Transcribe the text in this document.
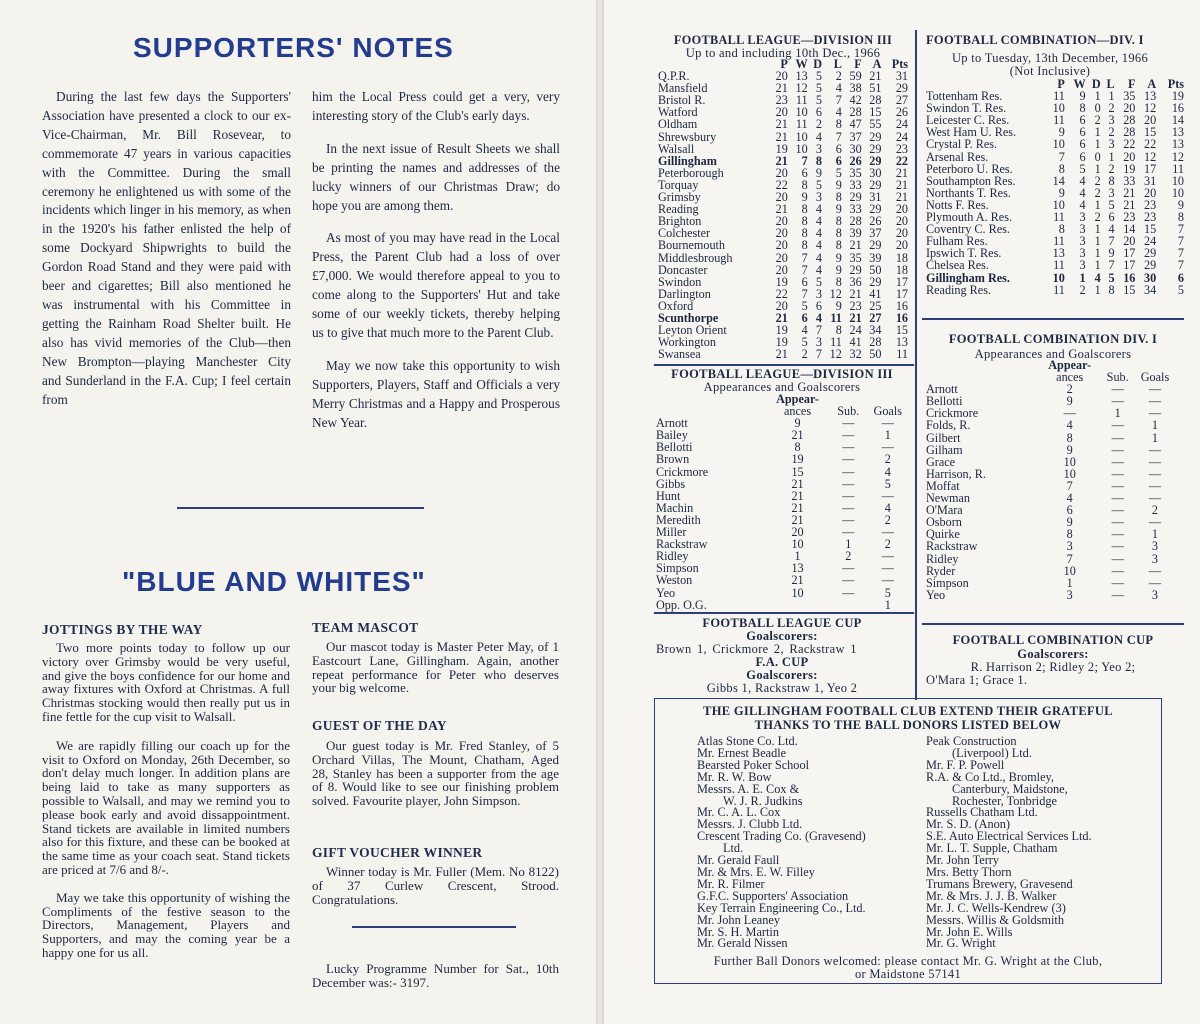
SUPPORTERS' NOTES

During the last few days the Supporters' Association have presented a clock to our ex-Vice-Chairman, Mr. Bill Rosevear, to commemorate 47 years in various capacities with the Committee. During the small ceremony he enlightened us with some of the incidents which linger in his memory, as when in the 1920's his father enlisted the help of some Dockyard Shipwrights to build the Gordon Road Stand and they were paid with beer and cigarettes; Bill also mentioned he was instrumental with his Committee in getting the Rainham Road Shelter built. He also has vivid memories of the Club—then New Brompton—playing Manchester City and Sunderland in the F.A. Cup; I feel certain from

him the Local Press could get a very, very interesting story of the Club's early days.

In the next issue of Result Sheets we shall be printing the names and addresses of the lucky winners of our Christmas Draw; do hope you are among them.

As most of you may have read in the Local Press, the Parent Club had a loss of over £7,000. We would therefore appeal to you to come along to the Supporters' Hut and take some of our weekly tickets, thereby helping us to give that much more to the Parent Club.

May we now take this opportunity to wish Supporters, Players, Staff and Officials a very Merry Christmas and a Happy and Prosperous New Year.

"BLUE AND WHITES"
JOTTINGS BY THE WAY

Two more points today to follow up our victory over Grimsby would be very useful, and give the boys confidence for our home and away fixtures with Oxford at Christmas. A full Christmas stocking would then really put us in fine fettle for the cup visit to Walsall.

We are rapidly filling our coach up for the visit to Oxford on Monday, 26th December, so don't delay much longer. In addition plans are being laid to take as many supporters as possible to Walsall, and may we remind you to please book early and avoid dissappointment. Stand tickets are available in limited numbers also for this fixture, and these can be booked at the same time as your coach seat. Stand tickets are priced at 7/6 and 8/-.

May we take this opportunity of wishing the Compliments of the festive season to the Directors, Management, Players and Supporters, and may the coming year be a happy one for us all.

TEAM MASCOT

Our mascot today is Master Peter May, of 1 Eastcourt Lane, Gillingham. Again, another repeat performance for Peter who deserves your big welcome.

GUEST OF THE DAY

Our guest today is Mr. Fred Stanley, of 5 Orchard Villas, The Mount, Chatham, Aged 28, Stanley has been a supporter from the age of 8. Would like to see our finishing problem solved. Favourite player, John Simpson.

GIFT VOUCHER WINNER

Winner today is Mr. Fuller (Mem. No 8122) of 37 Curlew Crescent, Strood. Congratulations.

Lucky Programme Number for Sat., 10th December was:- 3197.

FOOTBALL LEAGUE—DIVISION III
Up to and including 10th Dec., 1966
	P	W	D	L	F	A	Pts
Q.P.R.	20	13	5	2	59	21	31
Mansfield	21	12	5	4	38	51	29
Bristol R.	23	11	5	7	42	28	27
Watford	20	10	6	4	28	15	26
Oldham	21	11	2	8	47	55	24
Shrewsbury	21	10	4	7	37	29	24
Walsall	19	10	3	6	30	29	23
Gillingham	21	7	8	6	26	29	22
Peterborough	20	6	9	5	35	30	21
Torquay	22	8	5	9	33	29	21
Grimsby	20	9	3	8	29	31	21
Reading	21	8	4	9	33	29	20
Brighton	20	8	4	8	28	26	20
Colchester	20	8	4	8	39	37	20
Bournemouth	20	8	4	8	21	29	20
Middlesbrough	20	7	4	9	35	39	18
Doncaster	20	7	4	9	29	50	18
Swindon	19	6	5	8	36	29	17
Darlington	22	7	3	12	21	41	17
Oxford	20	5	6	9	23	25	16
Scunthorpe	21	6	4	11	21	27	16
Leyton Orient	19	4	7	8	24	34	15
Workington	19	5	3	11	41	28	13
Swansea	21	2	7	12	32	50	11
FOOTBALL LEAGUE—DIVISION III
Appearances and Goalscorers
	Appear-		
	ances	Sub.	Goals
Arnott	9	—	—
Bailey	21	—	1
Bellotti	8	—	—
Brown	19	—	2
Crickmore	15	—	4
Gibbs	21	—	5
Hunt	21	—	—
Machin	21	—	4
Meredith	21	—	2
Miller	20	—	—
Rackstraw	10	1	2
Ridley	1	2	—
Simpson	13	—	—
Weston	21	—	—
Yeo	10	—	5
Opp. O.G.			1
FOOTBALL LEAGUE CUP
Goalscorers:
Brown 1, Crickmore 2, Rackstraw 1
F.A. CUP
Goalscorers:
Gibbs 1, Rackstraw 1, Yeo 2
FOOTBALL COMBINATION—DIV. I
Up to Tuesday, 13th December, 1966
(Not Inclusive)
	P	W	D	L	F	A	Pts
Tottenham Res.	11	9	1	1	35	13	19
Swindon T. Res.	10	8	0	2	20	12	16
Leicester C. Res.	11	6	2	3	28	20	14
West Ham U. Res.	9	6	1	2	28	15	13
Crystal P. Res.	10	6	1	3	22	22	13
Arsenal Res.	7	6	0	1	20	12	12
Peterboro U. Res.	8	5	1	2	19	17	11
Southampton Res.	14	4	2	8	33	31	10
Northants T. Res.	9	4	2	3	21	20	10
Notts F. Res.	10	4	1	5	21	23	9
Plymouth A. Res.	11	3	2	6	23	23	8
Coventry C. Res.	8	3	1	4	14	15	7
Fulham Res.	11	3	1	7	20	24	7
Ipswich T. Res.	13	3	1	9	17	29	7
Chelsea Res.	11	3	1	7	17	29	7
Gillingham Res.	10	1	4	5	16	30	6
Reading Res.	11	2	1	8	15	34	5
FOOTBALL COMBINATION DIV. I
Appearances and Goalscorers
	Appear-		
	ances	Sub.	Goals
Arnott	2	—	—
Bellotti	9	—	—
Crickmore	—	1	—
Folds, R.	4	—	1
Gilbert	8	—	1
Gilham	9	—	—
Grace	10	—	—
Harrison, R.	10	—	—
Moffat	7	—	—
Newman	4	—	—
O'Mara	6	—	2
Osborn	9	—	—
Quirke	8	—	1
Rackstraw	3	—	3
Ridley	7	—	3
Ryder	10	—	—
Simpson	1	—	—
Yeo	3	—	3
FOOTBALL COMBINATION CUP
Goalscorers:
R. Harrison 2; Ridley 2; Yeo 2;
O'Mara 1; Grace 1.
THE GILLINGHAM FOOTBALL CLUB EXTEND THEIR GRATEFUL
THANKS TO THE BALL DONORS LISTED BELOW
Atlas Stone Co. Ltd.
Mr. Ernest Beadle
Bearsted Poker School
Mr. R. W. Bow
Messrs. A. E. Cox &
W. J. R. Judkins
Mr. C. A. L. Cox
Messrs. J. Clubb Ltd.
Crescent Trading Co. (Gravesend)
Ltd.
Mr. Gerald Faull
Mr. & Mrs. E. W. Filley
Mr. R. Filmer
G.F.C. Supporters' Association
Key Terrain Engineering Co., Ltd.
Mr. John Leaney
Mr. S. H. Martin
Mr. Gerald Nissen
Peak Construction
(Liverpool) Ltd.
Mr. F. P. Powell
R.A. & Co Ltd., Bromley,
Canterbury, Maidstone,
Rochester, Tonbridge
Russells Chatham Ltd.
Mr. S. D. (Anon)
S.E. Auto Electrical Services Ltd.
Mr. L. T. Supple, Chatham
Mr. John Terry
Mrs. Betty Thorn
Trumans Brewery, Gravesend
Mr. & Mrs. J. J. B. Walker
Mr. J. C. Wells-Kendrew (3)
Messrs. Willis & Goldsmith
Mr. John E. Wills
Mr. G. Wright
Further Ball Donors welcomed: please contact Mr. G. Wright at the Club,
or Maidstone 57141
